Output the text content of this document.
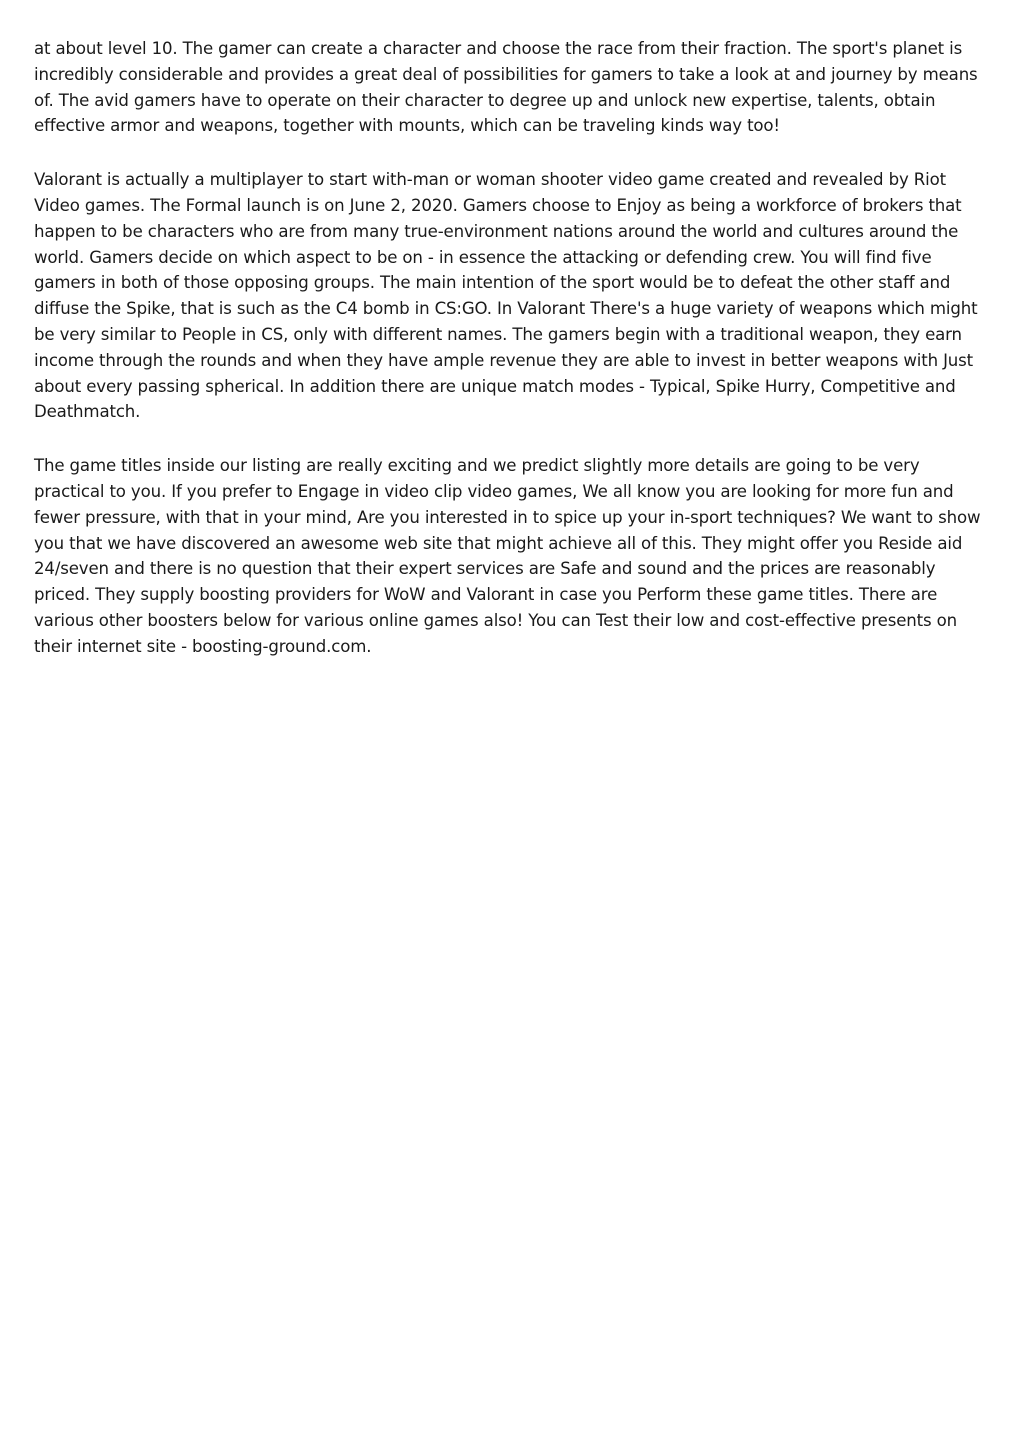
at about level 10. The gamer can create a character and choose the race from their fraction. The sport's planet is incredibly considerable and provides a great deal of possibilities for gamers to take a look at and journey by means of. The avid gamers have to operate on their character to degree up and unlock new expertise, talents, obtain effective armor and weapons, together with mounts, which can be traveling kinds way too!

Valorant is actually a multiplayer to start with-man or woman shooter video game created and revealed by Riot Video games. The Formal launch is on June 2, 2020. Gamers choose to Enjoy as being a workforce of brokers that happen to be characters who are from many true-environment nations around the world and cultures around the world. Gamers decide on which aspect to be on - in essence the attacking or defending crew. You will find five gamers in both of those opposing groups. The main intention of the sport would be to defeat the other staff and diffuse the Spike, that is such as the C4 bomb in CS:GO. In Valorant There's a huge variety of weapons which might be very similar to People in CS, only with different names. The gamers begin with a traditional weapon, they earn income through the rounds and when they have ample revenue they are able to invest in better weapons with Just about every passing spherical. In addition there are unique match modes - Typical, Spike Hurry, Competitive and Deathmatch.

The game titles inside our listing are really exciting and we predict slightly more details are going to be very practical to you. If you prefer to Engage in video clip video games, We all know you are looking for more fun and fewer pressure, with that in your mind, Are you interested in to spice up your in-sport techniques? We want to show you that we have discovered an awesome web site that might achieve all of this. They might offer you Reside aid 24/seven and there is no question that their expert services are Safe and sound and the prices are reasonably priced. They supply boosting providers for WoW and Valorant in case you Perform these game titles. There are various other boosters below for various online games also! You can Test their low and cost-effective presents on their internet site - boosting-ground.com.
